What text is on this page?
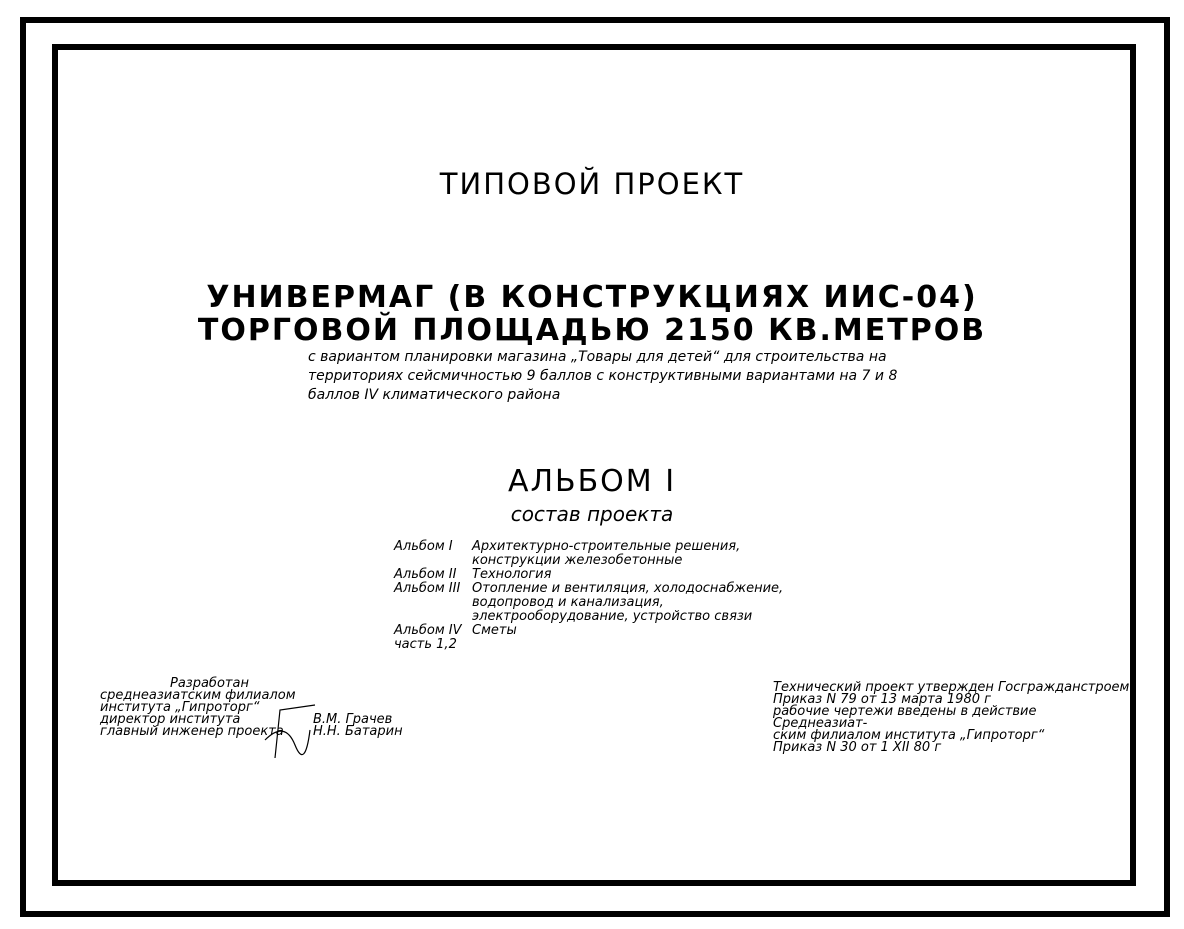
ТИПОВОЙ ПРОЕКТ
УНИВЕРМАГ (В КОНСТРУКЦИЯХ ИИС-04)
ТОРГОВОЙ ПЛОЩАДЬЮ 2150 КВ.МЕТРОВ
с вариантом планировки магазина „Товары для детей“ для строительства на территориях сейсмичностью 9 баллов с конструктивными вариантами на 7 и 8 баллов IV климатического района
АЛЬБОМ I
состав проекта
Альбом I	Архитектурно-строительные решения, конструкции железобетонные
Альбом II	Технология
Альбом III Отопление и вентиляция, холодоснабжение, водопровод и канализация, электрооборудование, устройство связи
Альбом IV Сметы
часть 1,2
Разработан
среднеазиатским филиалом
института „Гипроторг“
директор института
главный инженер проекта
В.М. Грачев
Н.Н. Батарин
Технический проект утвержден Госгражданстроем
Приказ N 79 от 13 марта 1980 г
рабочие чертежи введены в действие Среднеазиат-
ским филиалом института „Гипроторг“
Приказ N 30 от 1 XII 80 г
